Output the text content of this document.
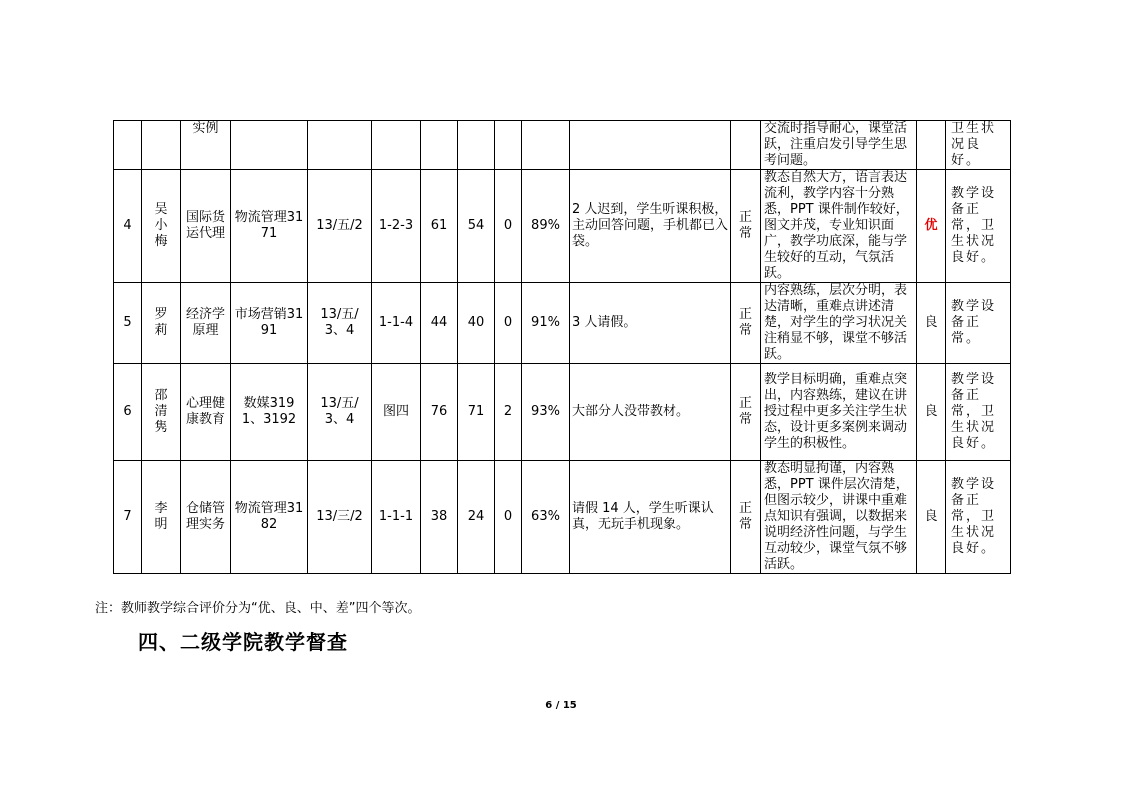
		实例										交流时指导耐心，课堂活跃，注重启发引导学生思考问题。		卫生状况良好。
4	吴小梅	国际货运代理	物流管理3171	13/五/2	1-2-3	61	54	0	89%	2 人迟到，学生听课积极，主动回答问题，手机都已入袋。	正常	教态自然大方，语言表达流利，教学内容十分熟悉，PPT 课件制作较好，图文并茂，专业知识面广，教学功底深，能与学生较好的互动，气氛活跃。	优	教学设备正常，卫生状况良好。
5	罗莉	经济学原理	市场营销3191	13/五/3、4	1-1-4	44	40	0	91%	3 人请假。	正常	内容熟练，层次分明，表达清晰，重难点讲述清楚，对学生的学习状况关注稍显不够，课堂不够活跃。	良	教学设备正常。
6	邵清隽	心理健康教育	数媒3191、3192	13/五/3、4	图四	76	71	2	93%	大部分人没带教材。	正常	教学目标明确，重难点突出，内容熟练，建议在讲授过程中更多关注学生状态，设计更多案例来调动学生的积极性。	良	教学设备正常，卫生状况良好。
7	李明	仓储管理实务	物流管理3182	13/三/2	1-1-1	38	24	0	63%	请假 14 人，学生听课认真，无玩手机现象。	正常	教态明显拘谨，内容熟悉，PPT 课件层次清楚，但图示较少，讲课中重难点知识有强调，以数据来说明经济性问题，与学生互动较少，课堂气氛不够活跃。	良	教学设备正常，卫生状况良好。
注：教师教学综合评价分为“优、良、中、差”四个等次。
四、二级学院教学督查
6 / 15
